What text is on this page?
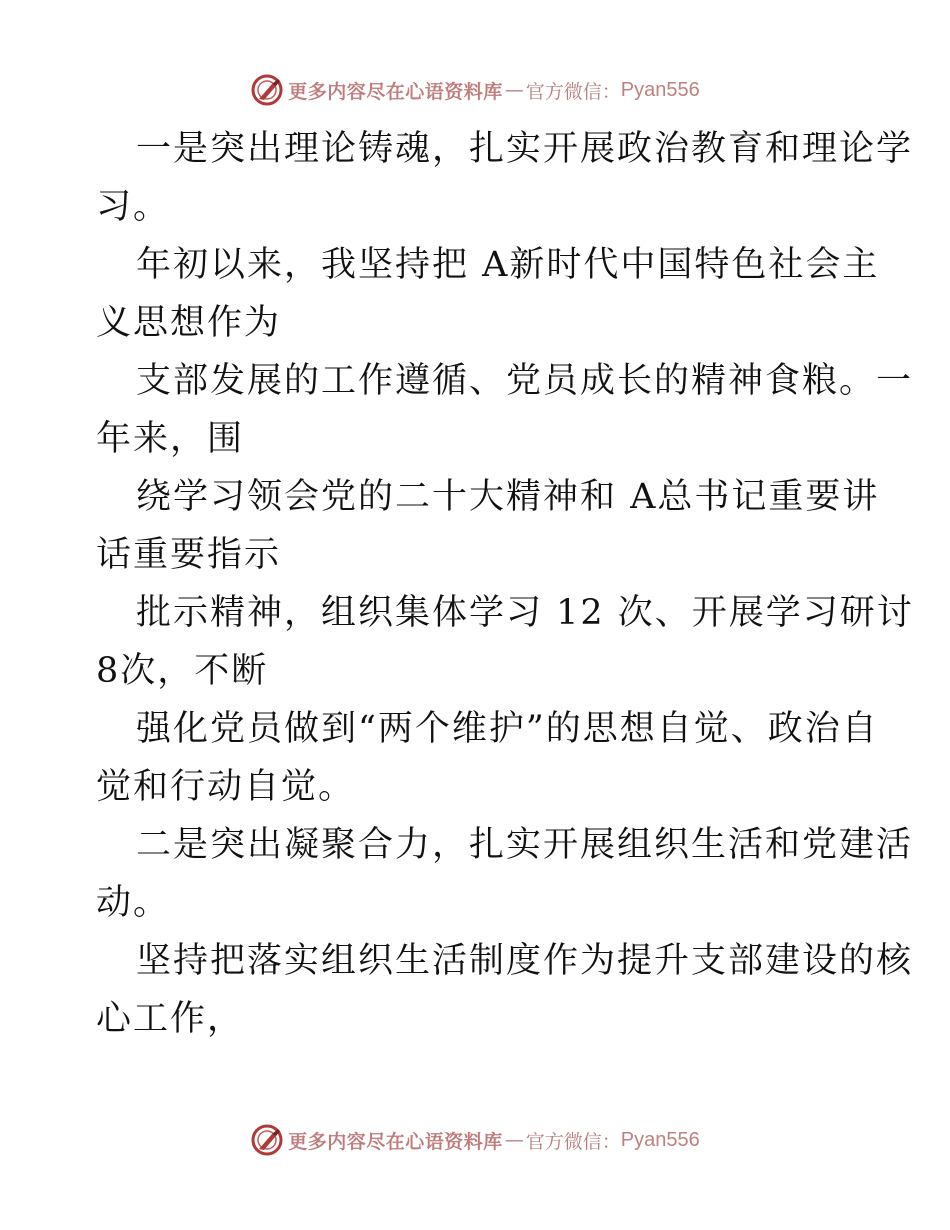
更多内容尽在心语资料库 — 官方微信： Pyan556
一是突出理论铸魂，扎实开展政治教育和理论学
习。
年初以来，我坚持把 A新时代中国特色社会主
义思想作为
支部发展的工作遵循、党员成长的精神食粮。一
年来，围
绕学习领会党的二十大精神和 A总书记重要讲
话重要指示
批示精神，组织集体学习 12 次、开展学习研讨
8次，不断
强化党员做到“两个维护”的思想自觉、政治自
觉和行动自觉。
二是突出凝聚合力，扎实开展组织生活和党建活
动。
坚持把落实组织生活制度作为提升支部建设的核
心工作，
更多内容尽在心语资料库 — 官方微信： Pyan556
